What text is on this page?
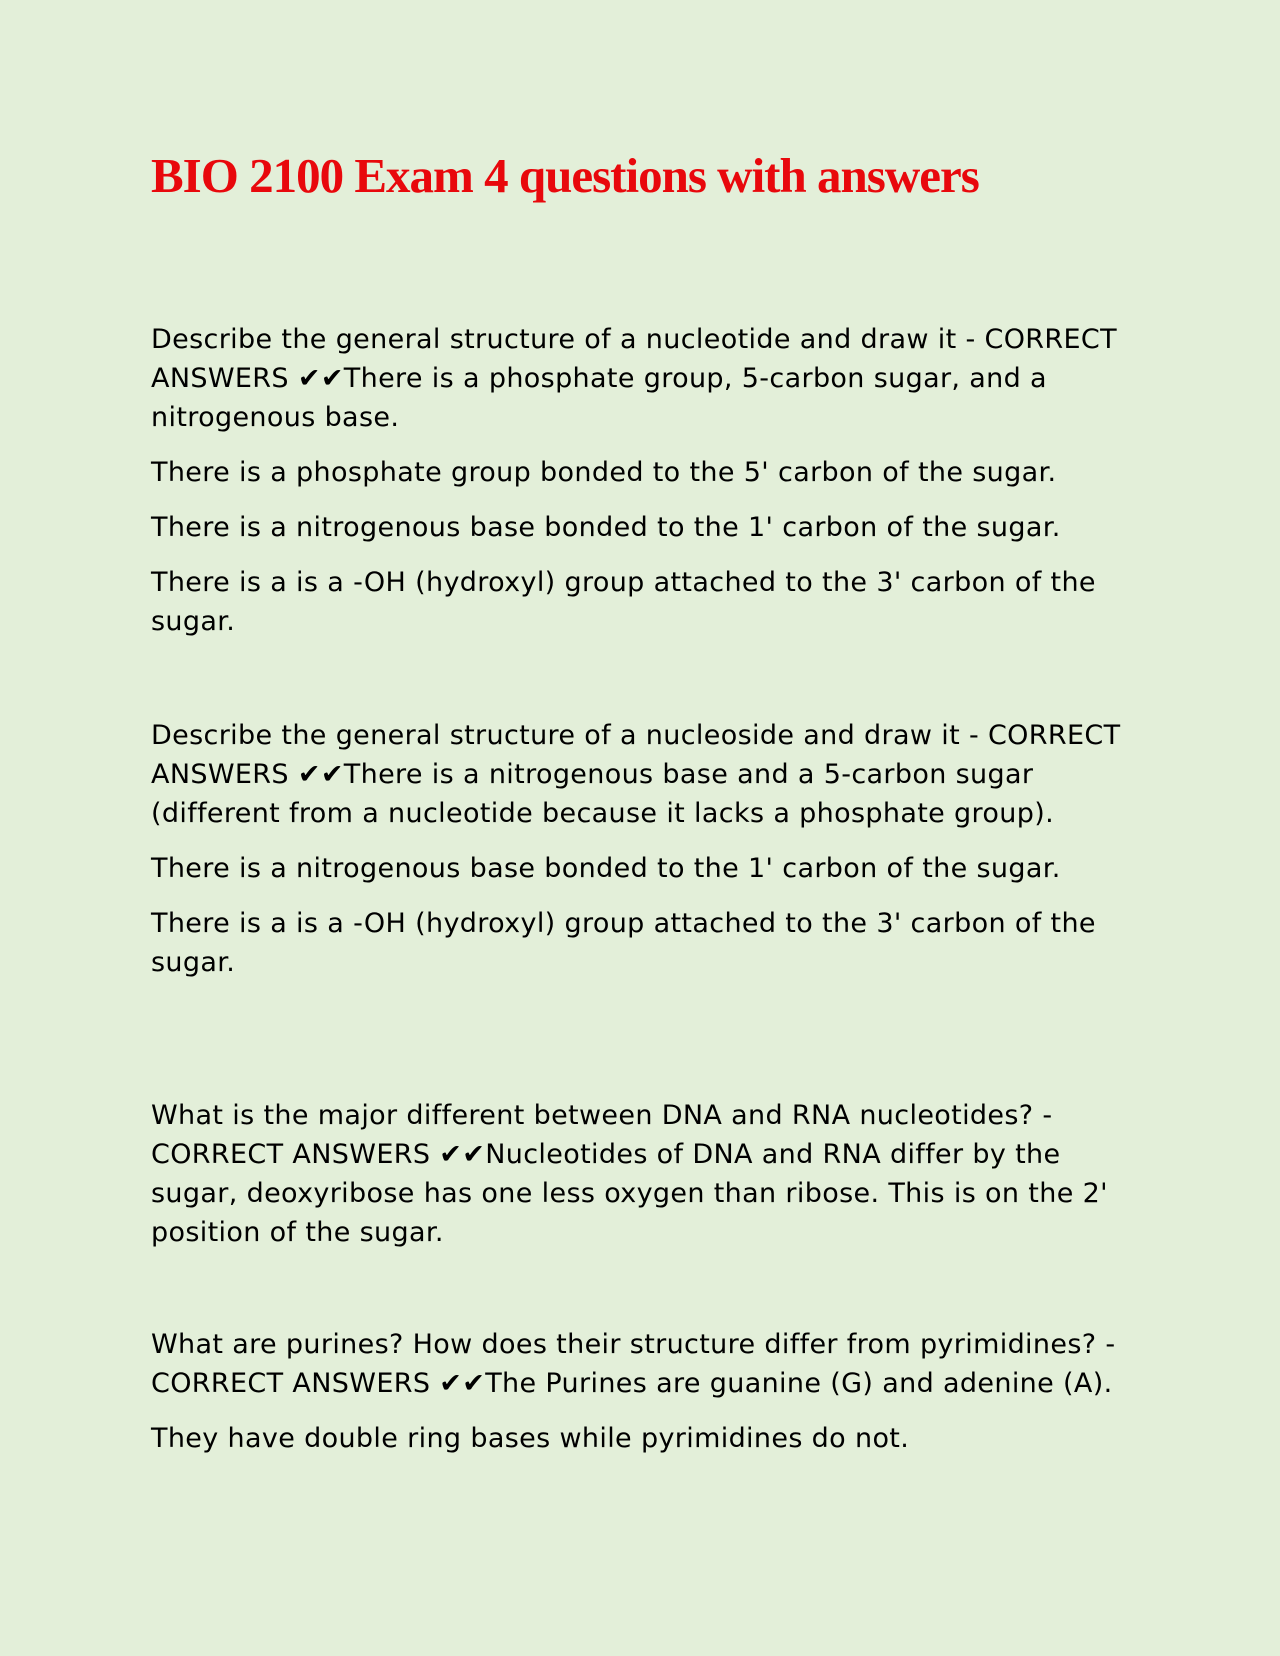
BIO 2100 Exam 4 questions with answers

Describe the general structure of a nucleotide and draw it - CORRECT ANSWERS ✔✔There is a phosphate group, 5-carbon sugar, and a nitrogenous base.

There is a phosphate group bonded to the 5' carbon of the sugar.

There is a nitrogenous base bonded to the 1' carbon of the sugar.

There is a is a -OH (hydroxyl) group attached to the 3' carbon of the sugar.

Describe the general structure of a nucleoside and draw it - CORRECT ANSWERS ✔✔There is a nitrogenous base and a 5-carbon sugar (different from a nucleotide because it lacks a phosphate group).

There is a nitrogenous base bonded to the 1' carbon of the sugar.

There is a is a -OH (hydroxyl) group attached to the 3' carbon of the sugar.

What is the major different between DNA and RNA nucleotides? - CORRECT ANSWERS ✔✔Nucleotides of DNA and RNA differ by the sugar, deoxyribose has one less oxygen than ribose. This is on the 2' position of the sugar.

What are purines? How does their structure differ from pyrimidines? - CORRECT ANSWERS ✔✔The Purines are guanine (G) and adenine (A).

They have double ring bases while pyrimidines do not.
